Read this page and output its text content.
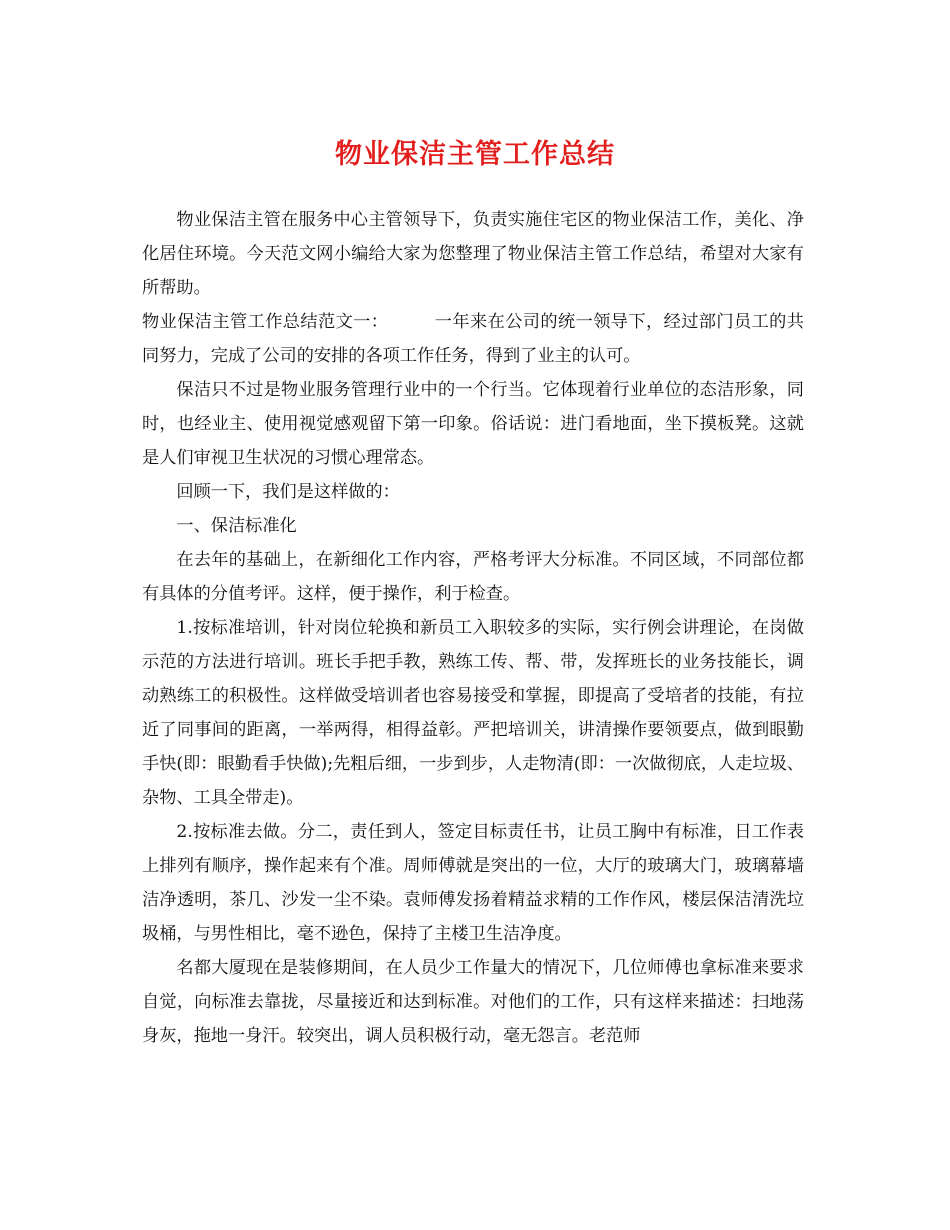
物业保洁主管工作总结

物业保洁主管在服务中心主管领导下，负责实施住宅区的物业保洁工作，美化、净化居住环境。今天范文网小编给大家为您整理了物业保洁主管工作总结，希望对大家有所帮助。

物业保洁主管工作总结范文一：	一年来在公司的统一领导下，经过部门员工的共同努力，完成了公司的安排的各项工作任务，得到了业主的认可。

保洁只不过是物业服务管理行业中的一个行当。它体现着行业单位的态洁形象，同时，也经业主、使用视觉感观留下第一印象。俗话说：进门看地面，坐下摸板凳。这就是人们审视卫生状况的习惯心理常态。

回顾一下，我们是这样做的：

一、保洁标准化

在去年的基础上，在新细化工作内容，严格考评大分标准。不同区域，不同部位都有具体的分值考评。这样，便于操作，利于检查。

1.按标准培训，针对岗位轮换和新员工入职较多的实际，实行例会讲理论，在岗做示范的方法进行培训。班长手把手教，熟练工传、帮、带，发挥班长的业务技能长，调动熟练工的积极性。这样做受培训者也容易接受和掌握，即提高了受培者的技能，有拉近了同事间的距离，一举两得，相得益彰。严把培训关，讲清操作要领要点，做到眼勤手快(即：眼勤看手快做);先粗后细，一步到步，人走物清(即：一次做彻底，人走垃圾、杂物、工具全带走)。

2.按标准去做。分二，责任到人，签定目标责任书，让员工胸中有标准，日工作表上排列有顺序，操作起来有个准。周师傅就是突出的一位，大厅的玻璃大门，玻璃幕墙洁净透明，茶几、沙发一尘不染。袁师傅发扬着精益求精的工作作风，楼层保洁清洗垃圾桶，与男性相比，毫不逊色，保持了主楼卫生洁净度。

名都大厦现在是装修期间，在人员少工作量大的情况下，几位师傅也拿标准来要求自觉，向标准去靠拢，尽量接近和达到标准。对他们的工作，只有这样来描述：扫地荡身灰，拖地一身汗。较突出，调人员积极行动，毫无怨言。老范师
